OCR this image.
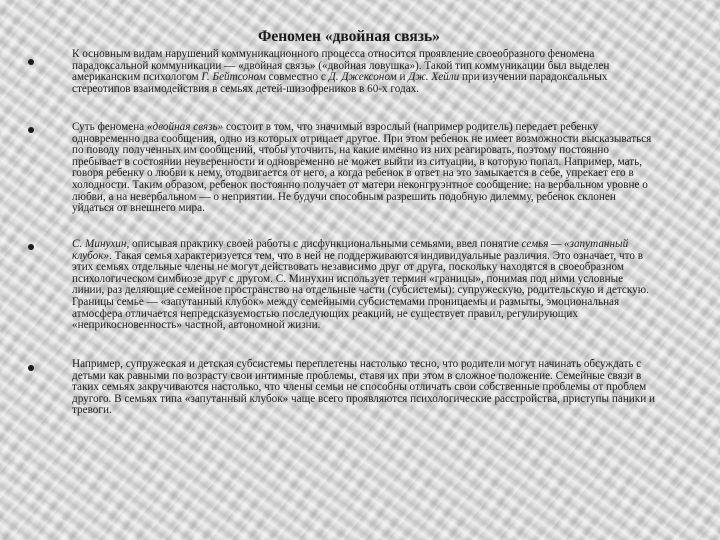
Феномен «двойная связь»

К основным видам нарушений коммуникационного процесса относится проявление своеобразного феномена парадоксальной коммуникации — «двойная связь» («двойная ловушка»). Такой тип коммуникации был выделен американским психологом Г. Бейтсоном совместно с Д. Джексоном и Дж. Хейли при изучении парадоксальных стереотипов взаимодействия в семьях детей-шизофреников в 60-х годах.

Суть феномена «двойная связь» состоит в том, что значимый взрослый (например родитель) передает ребенку одновременно два сообщения, одно из которых отрицает другое. При этом ребенок не имеет возможности высказываться по поводу полученных им сообщений, чтобы уточнить, на какие именно из них реагировать, поэтому постоянно пребывает в состоянии неуверенности и одновременно не может выйти из ситуации, в которую попал. Например, мать, говоря ребенку о любви к нему, отодвигается от него, а когда ребенок в ответ на это замыкается в себе, упрекает его в холодности. Таким образом, ребенок постоянно получает от матери неконгруэнтное сообщение: на вербальном уровне о любви, а на невербальном — о неприятии. Не будучи способным разрешить подобную дилемму, ребенок склонен уйдаться от внешнего мира.

С. Минухин, описывая практику своей работы с дисфункциональными семьями, ввел понятие семья — «запутанный клубок». Такая семья характеризуется тем, что в ней не поддерживаются индивидуальные различия. Это означает, что в этих семьях отдельные члены не могут действовать независимо друг от друга, поскольку находятся в своеобразном психологическом симбиозе друг с другом. С. Минухин использует термин «границы», понимая под ними условные линии, раз деляющие семейное пространство на отдельные части (субсистемы): супружескую, родительскую и детскую. Границы семье — «запутанный клубок» между семейными субсистемами проницаемы и размыты, эмоциональная атмосфера отличается непредсказуемостью последующих реакций, не существует правил, регулирующих «неприкосновенность» частной, автономной жизни.

Например, супружеская и детская субсистемы переплетены настолько тесно, что родители могут начинать обсуждать с детьми как равными по возрасту свои интимные проблемы, ставя их при этом в сложное положение. Семейные связи в таких семьях закручиваются настолько, что члены семьи не способны отличать свои собственные проблемы от проблем другого. В семьях типа «запутанный клубок» чаще всего проявляются психологические расстройства, приступы паники и тревоги.
